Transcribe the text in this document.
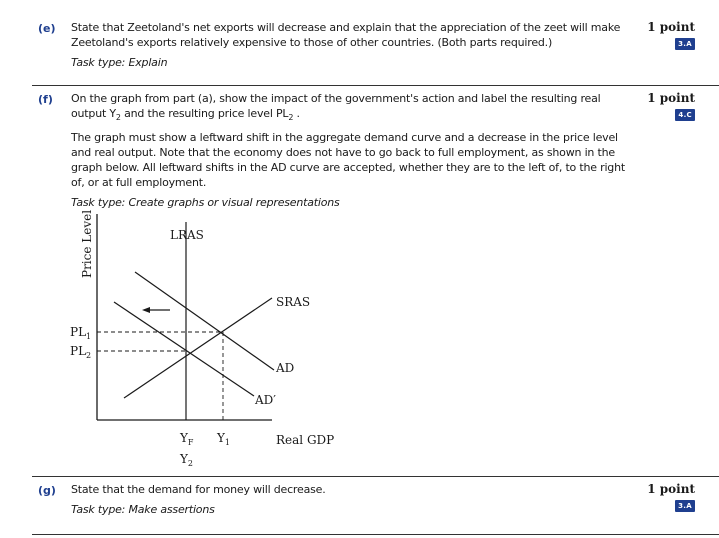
(e) State that Zeetoland's net exports will decrease and explain that the appreciation of the zeet will make Zeetoland's exports relatively expensive to those of other countries. (Both parts required.)

Task type: Explain

1 point
3.A
(f) On the graph from part (a), show the impact of the government's action and label the resulting real output $Y_2$ and the resulting price level $PL_2$ .

The graph must show a leftward shift in the aggregate demand curve and a decrease in the price level and real output. Note that the economy does not have to go back to full employment, as shown in the graph below. All leftward shifts in the AD curve are accepted, whether they are to the left of, to the right of, or at full employment.

Task type: Create graphs or visual representations

1 point
4.C
Price Level	LRAS
SRAS
AD
AD′
$PL_1$
$PL_2$
$Y_F$ $Y_1$
$Y_2$
Real GDP
(g) State that the demand for money will decrease.

Task type: Make assertions

1 point
3.A
